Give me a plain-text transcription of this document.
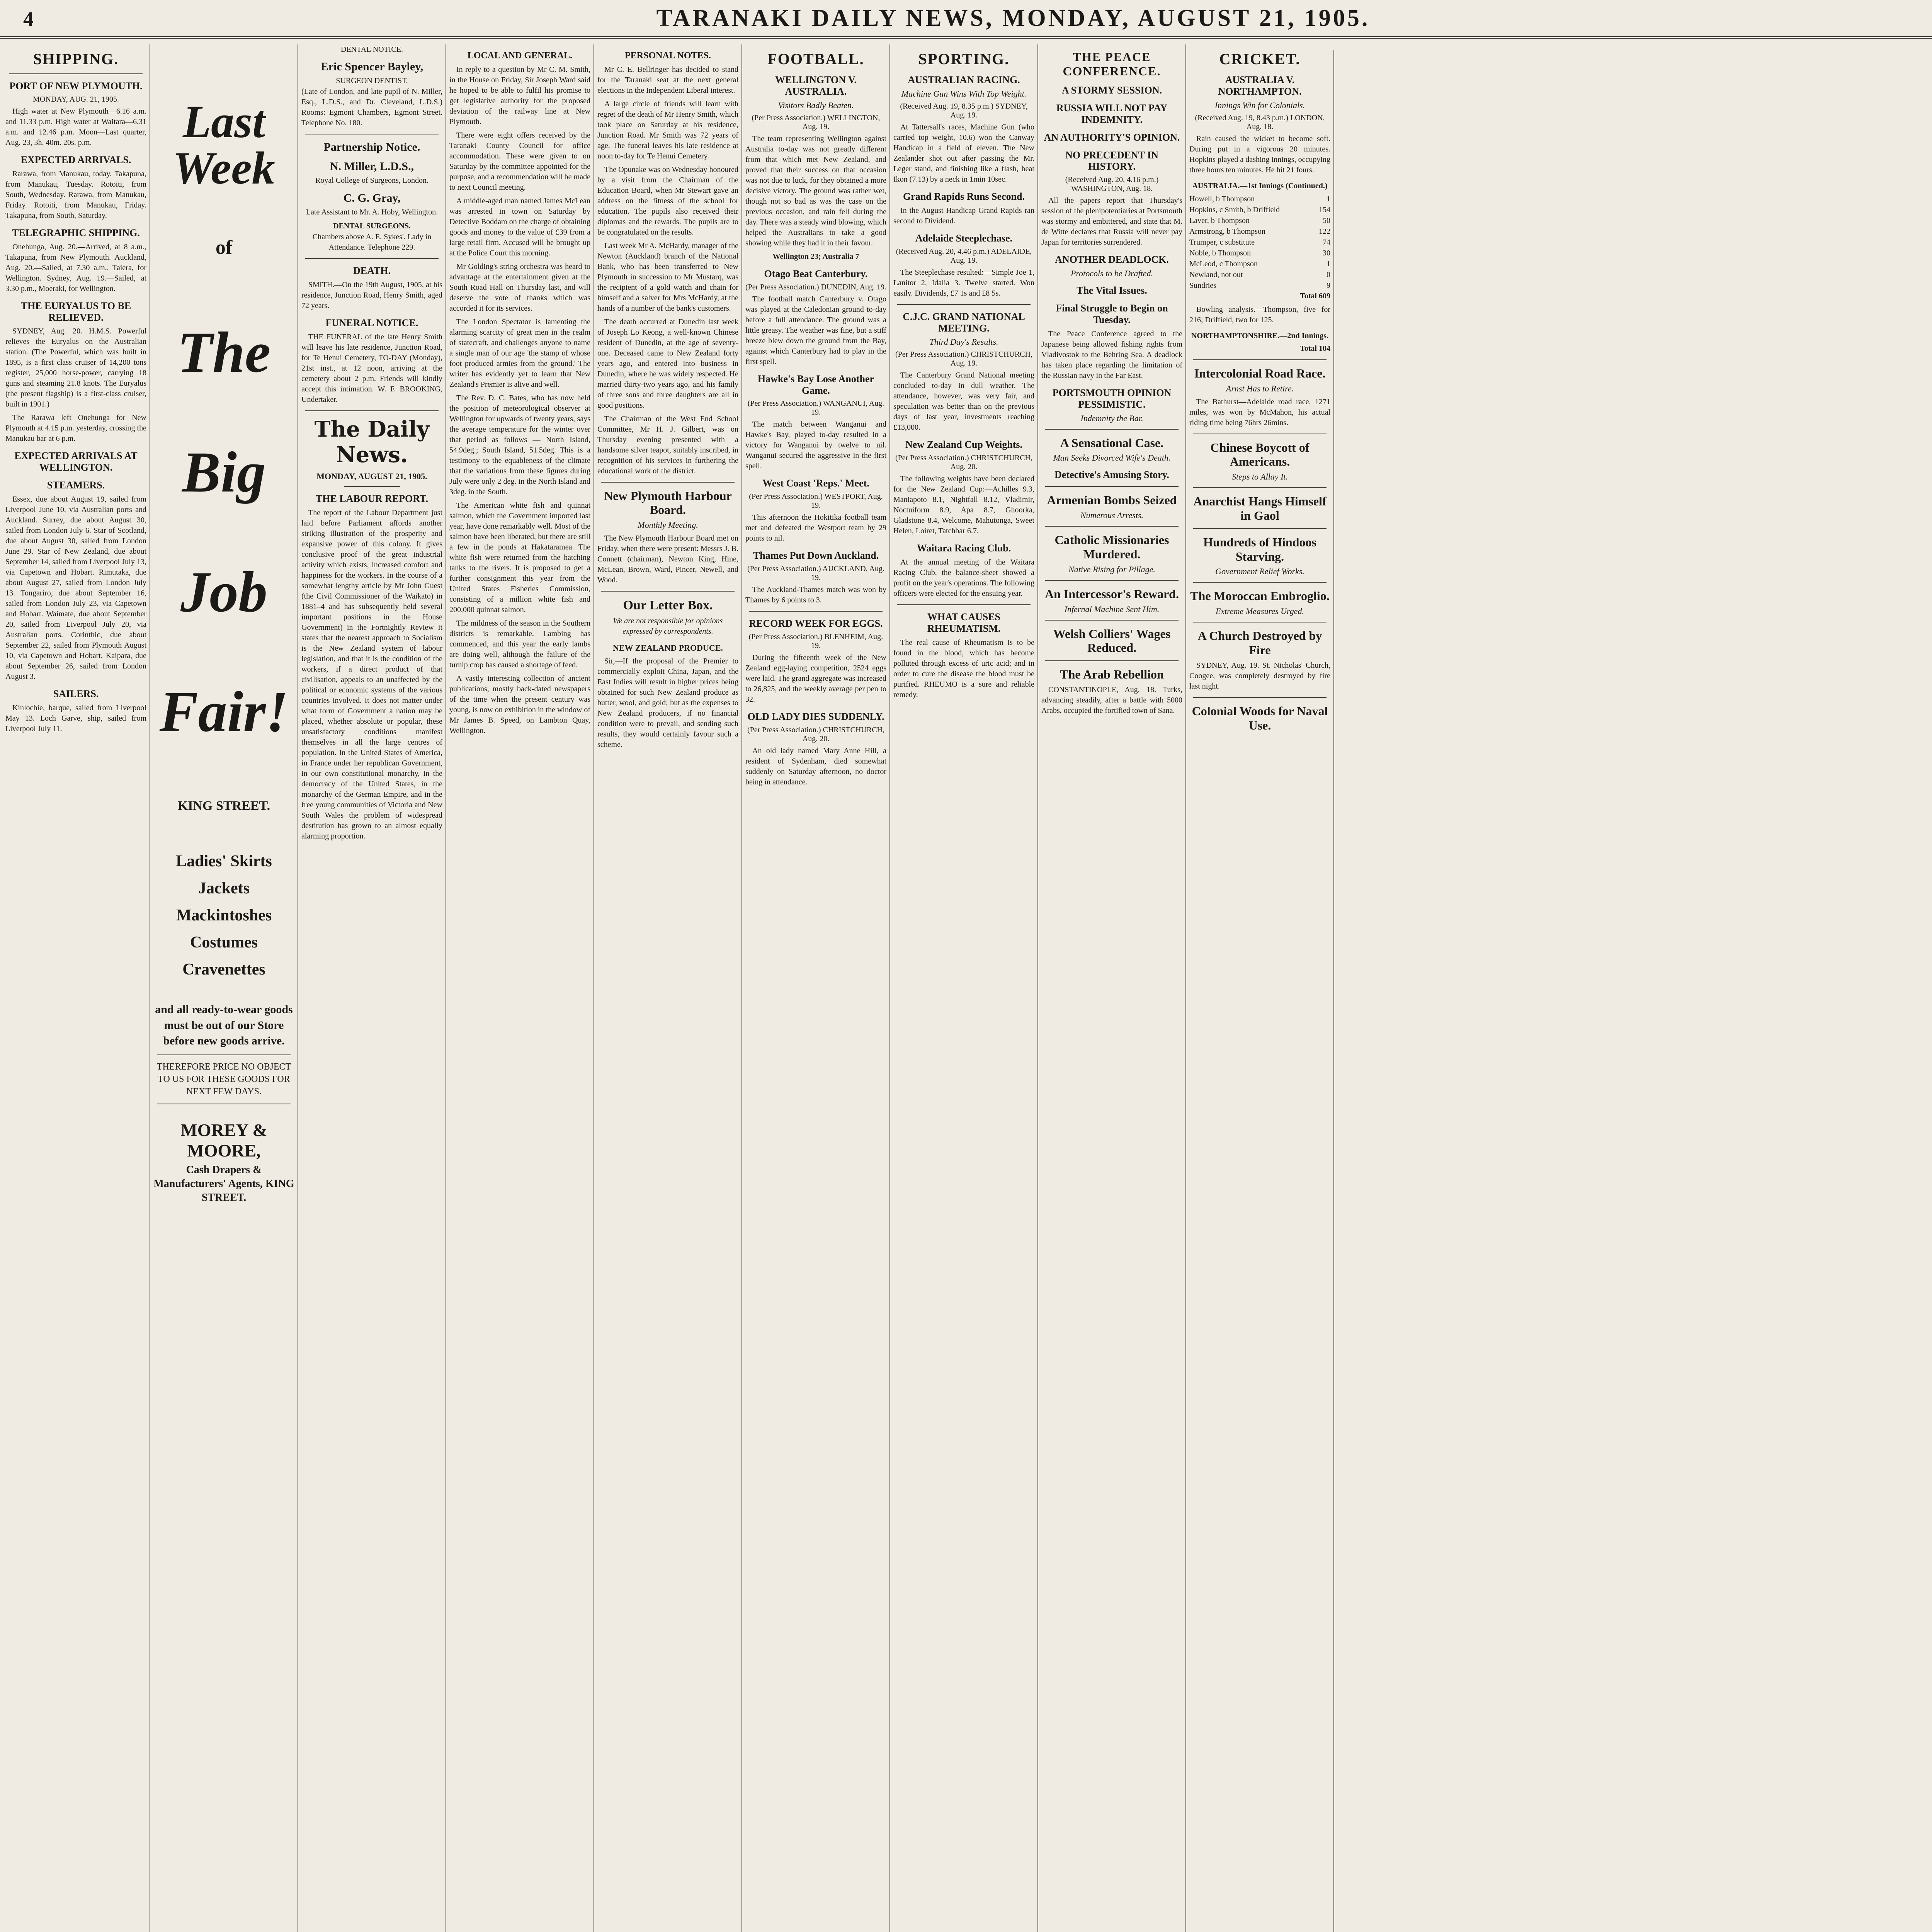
4	TARANAKI DAILY NEWS, MONDAY, AUGUST 21, 1905.
SHIPPING.
PORT OF NEW PLYMOUTH.
MONDAY, AUG. 21, 1905.

High water at New Plymouth—6.16 a.m. and 11.33 p.m. High water at Waitara—6.31 a.m. and 12.46 p.m. Moon—Last quarter, Aug. 23, 3h. 40m. 20s. p.m.

EXPECTED ARRIVALS.

Rarawa, from Manukau, today. Takapuna, from Manukau, Tuesday. Rotoiti, from South, Wednesday. Rarawa, from Manukau, Friday. Rotoiti, from Manukau, Friday. Takapuna, from South, Saturday.

TELEGRAPHIC SHIPPING.

Onehunga, Aug. 20.—Arrived, at 8 a.m., Takapuna, from New Plymouth. Auckland, Aug. 20.—Sailed, at 7.30 a.m., Taiera, for Wellington. Sydney, Aug. 19.—Sailed, at 3.30 p.m., Moeraki, for Wellington.

THE EURYALUS TO BE RELIEVED.

SYDNEY, Aug. 20. H.M.S. Powerful relieves the Euryalus on the Australian station. (The Powerful, which was built in 1895, is a first class cruiser of 14,200 tons register, 25,000 horse-power, carrying 18 guns and steaming 21.8 knots. The Euryalus (the present flagship) is a first-class cruiser, built in 1901.)

The Rarawa left Onehunga for New Plymouth at 4.15 p.m. yesterday, crossing the Manukau bar at 6 p.m.

EXPECTED ARRIVALS AT WELLINGTON.
STEAMERS.

Essex, due about August 19, sailed from Liverpool June 10, via Australian ports and Auckland. Surrey, due about August 30, sailed from London July 6. Star of Scotland, due about August 30, sailed from London June 29. Star of New Zealand, due about September 14, sailed from Liverpool July 13, via Capetown and Hobart. Rimutaka, due about August 27, sailed from London July 13. Tongariro, due about September 16, sailed from London July 23, via Capetown and Hobart. Waimate, due about September 20, sailed from Liverpool July 20, via Australian ports. Corinthic, due about September 22, sailed from Plymouth August 10, via Capetown and Hobart. Kaipara, due about September 26, sailed from London August 3.

SAILERS.

Kinlochie, barque, sailed from Liverpool May 13. Loch Garve, ship, sailed from Liverpool July 11.

Last Week

of

The

Big

Job

Fair!

KING STREET.
Ladies' Skirts
Jackets
Mackintoshes
Costumes
Cravenettes

and all ready-to-wear goods must be out of our Store before new goods arrive.

THEREFORE PRICE NO OBJECT TO US FOR THESE GOODS FOR NEXT FEW DAYS.

MOREY & MOORE,
Cash Drapers & Manufacturers' Agents, KING STREET.
DENTAL NOTICE.
Eric Spencer Bayley,
SURGEON DENTIST,

(Late of London, and late pupil of N. Miller, Esq., L.D.S., and Dr. Cleveland, L.D.S.) Rooms: Egmont Chambers, Egmont Street. Telephone No. 180.

Partnership Notice.
N. Miller, L.D.S.,
Royal College of Surgeons, London.
C. G. Gray,
Late Assistant to Mr. A. Hoby, Wellington.
DENTAL SURGEONS.

Chambers above A. E. Sykes'. Lady in Attendance. Telephone 229.

DEATH.

SMITH.—On the 19th August, 1905, at his residence, Junction Road, Henry Smith, aged 72 years.

FUNERAL NOTICE.

THE FUNERAL of the late Henry Smith will leave his late residence, Junction Road, for Te Henui Cemetery, TO-DAY (Monday), 21st inst., at 12 noon, arriving at the cemetery about 2 p.m. Friends will kindly accept this intimation. W. F. BROOKING, Undertaker.

The Daily News.
MONDAY, AUGUST 21, 1905.
THE LABOUR REPORT.

The report of the Labour Department just laid before Parliament affords another striking illustration of the prosperity and expansive power of this colony. It gives conclusive proof of the great industrial activity which exists, increased comfort and happiness for the workers. In the course of a somewhat lengthy article by Mr John Guest (the Civil Commissioner of the Waikato) in 1881–4 and has subsequently held several important positions in the House Government) in the Fortnightly Review it states that the nearest approach to Socialism is the New Zealand system of labour legislation, and that it is the condition of the workers, if a direct product of that civilisation, appeals to an unaffected by the political or economic systems of the various countries involved. It does not matter under what form of Government a nation may be placed, whether absolute or popular, these unsatisfactory conditions manifest themselves in all the large centres of population. In the United States of America, in France under her republican Government, in our own constitutional monarchy, in the democracy of the United States, in the monarchy of the German Empire, and in the free young communities of Victoria and New South Wales the problem of widespread destitution has grown to an almost equally alarming proportion.

LOCAL AND GENERAL.

In reply to a question by Mr C. M. Smith, in the House on Friday, Sir Joseph Ward said he hoped to be able to fulfil his promise to get legislative authority for the proposed deviation of the railway line at New Plymouth.

There were eight offers received by the Taranaki County Council for office accommodation. These were given to on Saturday by the committee appointed for the purpose, and a recommendation will be made to next Council meeting.

A middle-aged man named James McLean was arrested in town on Saturday by Detective Boddam on the charge of obtaining goods and money to the value of £39 from a large retail firm. Accused will be brought up at the Police Court this morning.

Mr Golding's string orchestra was heard to advantage at the entertainment given at the South Road Hall on Thursday last, and will deserve the vote of thanks which was accorded it for its services.

The London Spectator is lamenting the alarming scarcity of great men in the realm of statecraft, and challenges anyone to name a single man of our age 'the stamp of whose foot produced armies from the ground.' The writer has evidently yet to learn that New Zealand's Premier is alive and well.

The Rev. D. C. Bates, who has now held the position of meteorological observer at Wellington for upwards of twenty years, says the average temperature for the winter over that period as follows — North Island, 54.9deg.; South Island, 51.5deg. This is a testimony to the equableness of the climate that the variations from these figures during July were only 2 deg. in the North Island and 3deg. in the South.

The American white fish and quinnat salmon, which the Government imported last year, have done remarkably well. Most of the salmon have been liberated, but there are still a few in the ponds at Hakataramea. The white fish were returned from the hatching tanks to the rivers. It is proposed to get a further consignment this year from the United States Fisheries Commission, consisting of a million white fish and 200,000 quinnat salmon.

The mildness of the season in the Southern districts is remarkable. Lambing has commenced, and this year the early lambs are doing well, although the failure of the turnip crop has caused a shortage of feed.

A vastly interesting collection of ancient publications, mostly back-dated newspapers of the time when the present century was young, is now on exhibition in the window of Mr James B. Speed, on Lambton Quay, Wellington.

PERSONAL NOTES.

Mr C. E. Bellringer has decided to stand for the Taranaki seat at the next general elections in the Independent Liberal interest.

A large circle of friends will learn with regret of the death of Mr Henry Smith, which took place on Saturday at his residence, Junction Road. Mr Smith was 72 years of age. The funeral leaves his late residence at noon to-day for Te Henui Cemetery.

The Opunake was on Wednesday honoured by a visit from the Chairman of the Education Board, when Mr Stewart gave an address on the fitness of the school for education. The pupils also received their diplomas and the rewards. The pupils are to be congratulated on the results.

Last week Mr A. McHardy, manager of the Newton (Auckland) branch of the National Bank, who has been transferred to New Plymouth in succession to Mr Mustarq, was the recipient of a gold watch and chain for himself and a salver for Mrs McHardy, at the hands of a number of the bank's customers.

The death occurred at Dunedin last week of Joseph Lo Keong, a well-known Chinese resident of Dunedin, at the age of seventy-one. Deceased came to New Zealand forty years ago, and entered into business in Dunedin, where he was widely respected. He married thirty-two years ago, and his family of three sons and three daughters are all in good positions.

The Chairman of the West End School Committee, Mr H. J. Gilbert, was on Thursday evening presented with a handsome silver teapot, suitably inscribed, in recognition of his services in furthering the educational work of the district.

New Plymouth Harbour Board.
Monthly Meeting.

The New Plymouth Harbour Board met on Friday, when there were present: Messrs J. B. Connett (chairman), Newton King, Hine, McLean, Brown, Ward, Pincer, Newell, and Wood.

Our Letter Box.

We are not responsible for opinions expressed by correspondents.

NEW ZEALAND PRODUCE.

Sir,—If the proposal of the Premier to commercially exploit China, Japan, and the East Indies will result in higher prices being obtained for such New Zealand produce as butter, wool, and gold; but as the expenses to New Zealand producers, if no financial condition were to prevail, and sending such results, they would certainly favour such a scheme.

FOOTBALL.
WELLINGTON V. AUSTRALIA.
Visitors Badly Beaten.
(Per Press Association.) WELLINGTON, Aug. 19.

The team representing Wellington against Australia to-day was not greatly different from that which met New Zealand, and proved that their success on that occasion was not due to luck, for they obtained a more decisive victory. The ground was rather wet, though not so bad as was the case on the previous occasion, and rain fell during the day. There was a steady wind blowing, which helped the Australians to take a good showing while they had it in their favour.

Wellington 23; Australia 7

Otago Beat Canterbury.
(Per Press Association.) DUNEDIN, Aug. 19.

The football match Canterbury v. Otago was played at the Caledonian ground to-day before a full attendance. The ground was a little greasy. The weather was fine, but a stiff breeze blew down the ground from the Bay, against which Canterbury had to play in the first spell.

Hawke's Bay Lose Another Game.
(Per Press Association.) WANGANUI, Aug. 19.

The match between Wanganui and Hawke's Bay, played to-day resulted in a victory for Wanganui by twelve to nil. Wanganui secured the aggressive in the first spell.

West Coast 'Reps.' Meet.
(Per Press Association.) WESTPORT, Aug. 19.

This afternoon the Hokitika football team met and defeated the Westport team by 29 points to nil.

Thames Put Down Auckland.
(Per Press Association.) AUCKLAND, Aug. 19.

The Auckland-Thames match was won by Thames by 6 points to 3.

RECORD WEEK FOR EGGS.
(Per Press Association.) BLENHEIM, Aug. 19.

During the fifteenth week of the New Zealand egg-laying competition, 2524 eggs were laid. The grand aggregate was increased to 26,825, and the weekly average per pen to 32.

OLD LADY DIES SUDDENLY.
(Per Press Association.) CHRISTCHURCH, Aug. 20.

An old lady named Mary Anne Hill, a resident of Sydenham, died somewhat suddenly on Saturday afternoon, no doctor being in attendance.

SPORTING.
AUSTRALIAN RACING.
Machine Gun Wins With Top Weight.
(Received Aug. 19, 8.35 p.m.) SYDNEY, Aug. 19.

At Tattersall's races, Machine Gun (who carried top weight, 10.6) won the Canway Handicap in a field of eleven. The New Zealander shot out after passing the Mr. Leger stand, and finishing like a flash, beat Ikon (7.13) by a neck in 1min 10sec.

Grand Rapids Runs Second.

In the August Handicap Grand Rapids ran second to Dividend.

Adelaide Steeplechase.
(Received Aug. 20, 4.46 p.m.) ADELAIDE, Aug. 19.

The Steeplechase resulted:—Simple Joe 1, Lanitor 2, Idalia 3. Twelve started. Won easily. Dividends, £7 1s and £8 5s.

C.J.C. GRAND NATIONAL MEETING.
Third Day's Results.
(Per Press Association.) CHRISTCHURCH, Aug. 19.

The Canterbury Grand National meeting concluded to-day in dull weather. The attendance, however, was very fair, and speculation was better than on the previous days of last year, investments reaching £13,000.

New Zealand Cup Weights.
(Per Press Association.) CHRISTCHURCH, Aug. 20.

The following weights have been declared for the New Zealand Cup:—Achilles 9.3, Maniapoto 8.1, Nightfall 8.12, Vladimir, Noctuiform 8.9, Apa 8.7, Ghoorka, Gladstone 8.4, Welcome, Mahutonga, Sweet Helen, Loiret, Tatchbar 6.7.

Waitara Racing Club.

At the annual meeting of the Waitara Racing Club, the balance-sheet showed a profit on the year's operations. The following officers were elected for the ensuing year.

WHAT CAUSES RHEUMATISM.

The real cause of Rheumatism is to be found in the blood, which has become polluted through excess of uric acid; and in order to cure the disease the blood must be purified. RHEUMO is a sure and reliable remedy.

THE PEACE CONFERENCE.
A STORMY SESSION.
RUSSIA WILL NOT PAY INDEMNITY.
AN AUTHORITY'S OPINION.
NO PRECEDENT IN HISTORY.
(Received Aug. 20, 4.16 p.m.) WASHINGTON, Aug. 18.

All the papers report that Thursday's session of the plenipotentiaries at Portsmouth was stormy and embittered, and state that M. de Witte declares that Russia will never pay Japan for territories surrendered.

ANOTHER DEADLOCK.
Protocols to be Drafted.
The Vital Issues.
Final Struggle to Begin on Tuesday.

The Peace Conference agreed to the Japanese being allowed fishing rights from Vladivostok to the Behring Sea. A deadlock has taken place regarding the limitation of the Russian navy in the Far East.

PORTSMOUTH OPINION PESSIMISTIC.
Indemnity the Bar.
A Sensational Case.
Man Seeks Divorced Wife's Death.
Detective's Amusing Story.
Armenian Bombs Seized
Numerous Arrests.
Catholic Missionaries Murdered.
Native Rising for Pillage.
An Intercessor's Reward.
Infernal Machine Sent Him.
Welsh Colliers' Wages Reduced.
The Arab Rebellion

CONSTANTINOPLE, Aug. 18. Turks, advancing steadily, after a battle with 5000 Arabs, occupied the fortified town of Sana.

CRICKET.
AUSTRALIA V. NORTHAMPTON.
Innings Win for Colonials.
(Received Aug. 19, 8.43 p.m.) LONDON, Aug. 18.

Rain caused the wicket to become soft. During put in a vigorous 20 minutes. Hopkins played a dashing innings, occupying three hours ten minutes. He hit 21 fours.

AUSTRALIA.—1st Innings (Continued.)
Howell, b Thompson	1
Hopkins, c Smith, b Driffield	154
Laver, b Thompson	50
Armstrong, b Thompson	122
Trumper, c substitute	74
Noble, b Thompson	30
McLeod, c Thompson	1
Newland, not out	0
Sundries	9

Total 609

Bowling analysis.—Thompson, five for 216; Driffield, two for 125.

NORTHAMPTONSHIRE.—2nd Innings.

Total 104

Intercolonial Road Race.
Arnst Has to Retire.

The Bathurst—Adelaide road race, 1271 miles, was won by McMahon, his actual riding time being 76hrs 26mins.

Chinese Boycott of Americans.
Steps to Allay It.
Anarchist Hangs Himself in Gaol
Hundreds of Hindoos Starving.
Government Relief Works.
The Moroccan Embroglio.
Extreme Measures Urged.
A Church Destroyed by Fire

SYDNEY, Aug. 19. St. Nicholas' Church, Coogee, was completely destroyed by fire last night.

Colonial Woods for Naval Use.
